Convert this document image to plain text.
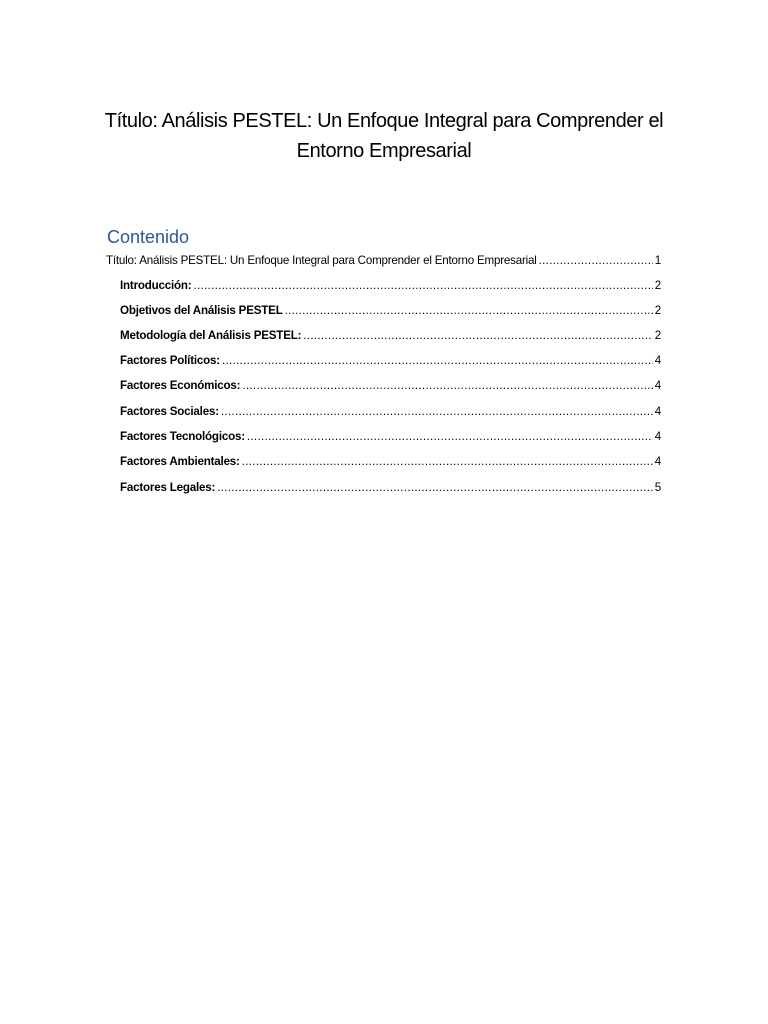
Título: Análisis PESTEL: Un Enfoque Integral para Comprender el Entorno Empresarial
Contenido
Título: Análisis PESTEL: Un Enfoque Integral para Comprender el Entorno Empresarial .....	1
Introducción: .....	2
Objetivos del Análisis PESTEL .....	2
Metodología del Análisis PESTEL: .....	2
Factores Políticos: .....	4
Factores Económicos: .....	4
Factores Sociales: .....	4
Factores Tecnológicos: .....	4
Factores Ambientales: .....	4
Factores Legales: .....	5
